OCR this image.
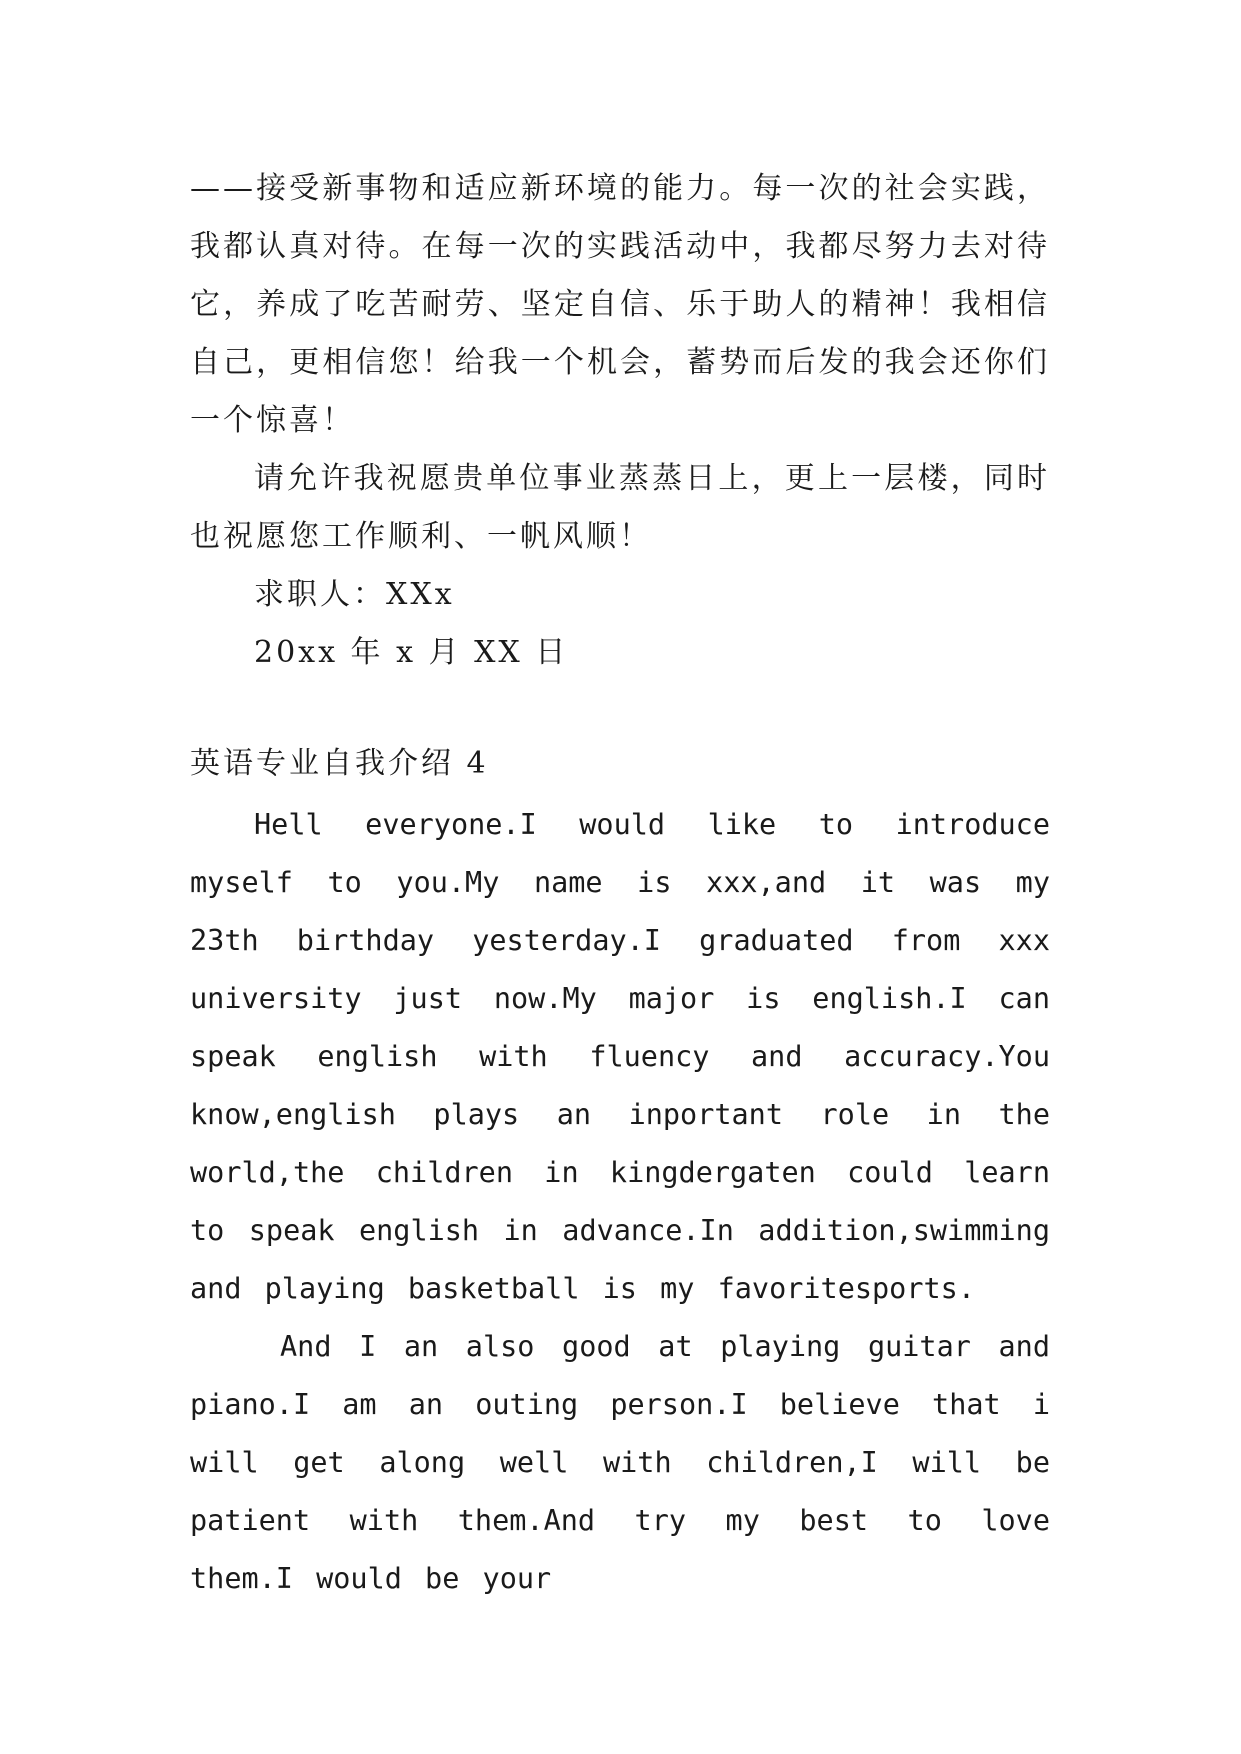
——接受新事物和适应新环境的能力。每一次的社会实践，我都认真对待。在每一次的实践活动中，我都尽努力去对待它，养成了吃苦耐劳、坚定自信、乐于助人的精神！我相信自己，更相信您！给我一个机会，蓄势而后发的我会还你们一个惊喜！

请允许我祝愿贵单位事业蒸蒸日上，更上一层楼，同时也祝愿您工作顺利、一帆风顺！

求职人：XXx

20xx 年 x 月 XX 日

英语专业自我介绍 4

Hell everyone.I would like to introduce myself to you.My name is xxx,and it was my 23th birthday yesterday.I graduated from xxx university just now.My major is english.I can speak english with fluency and accuracy.You know,english plays an inportant role in the world,the children in kingdergaten could learn to speak english in advance.In addition,swimming and playing basketball is my favoritesports.

And I an also good at playing guitar and piano.I am an outing person.I believe that i will get along well with children,I will be patient with them.And try my best to love them.I would be your
